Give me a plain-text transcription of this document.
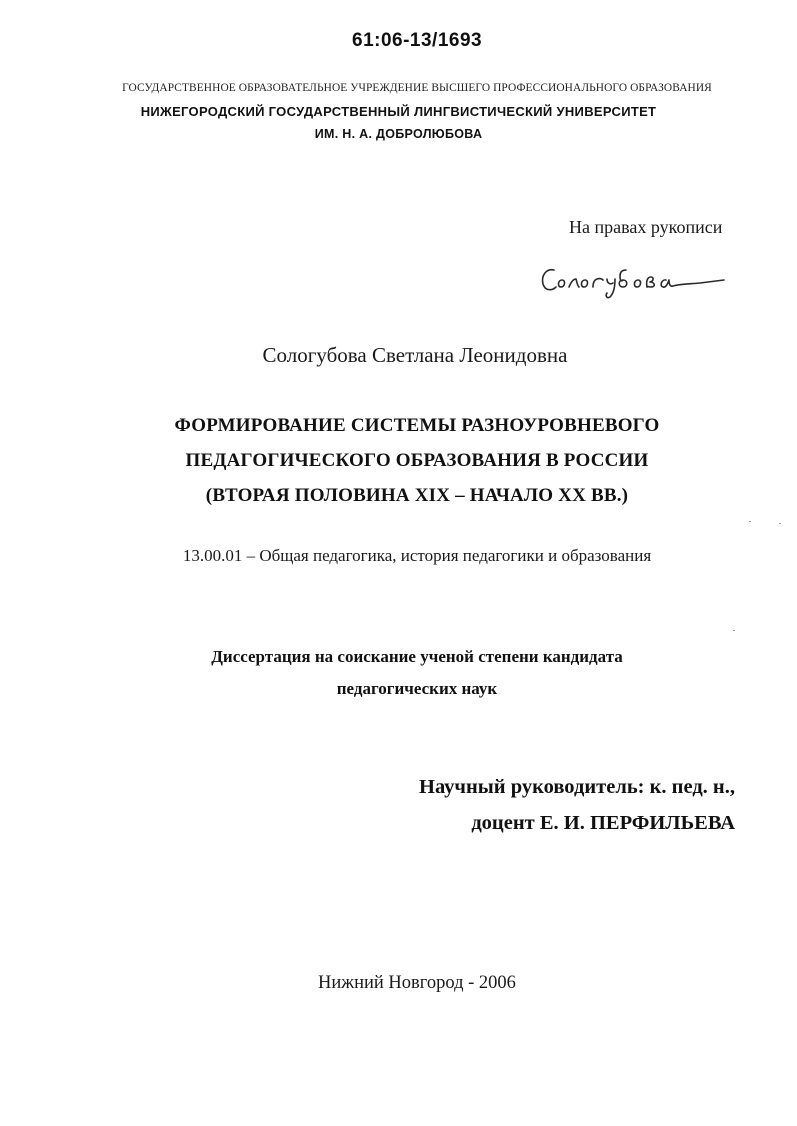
61:06-13/1693
ГОСУДАРСТВЕННОЕ ОБРАЗОВАТЕЛЬНОЕ УЧРЕЖДЕНИЕ ВЫСШЕГО ПРОФЕССИОНАЛЬНОГО ОБРАЗОВАНИЯ
НИЖЕГОРОДСКИЙ ГОСУДАРСТВЕННЫЙ ЛИНГВИСТИЧЕСКИЙ УНИВЕРСИТЕТ
ИМ. Н. А. ДОБРОЛЮБОВА
На правах рукописи
Сологубова Светлана Леонидовна
ФОРМИРОВАНИЕ СИСТЕМЫ РАЗНОУРОВНЕВОГО
ПЕДАГОГИЧЕСКОГО ОБРАЗОВАНИЯ В РОССИИ
(ВТОРАЯ ПОЛОВИНА XIX – НАЧАЛО XX ВВ.)
13.00.01 – Общая педагогика, история педагогики и образования
Диссертация на соискание ученой степени кандидата
педагогических наук
Научный руководитель: к. пед. н.,
доцент Е. И. ПЕРФИЛЬЕВА
Нижний Новгород - 2006
